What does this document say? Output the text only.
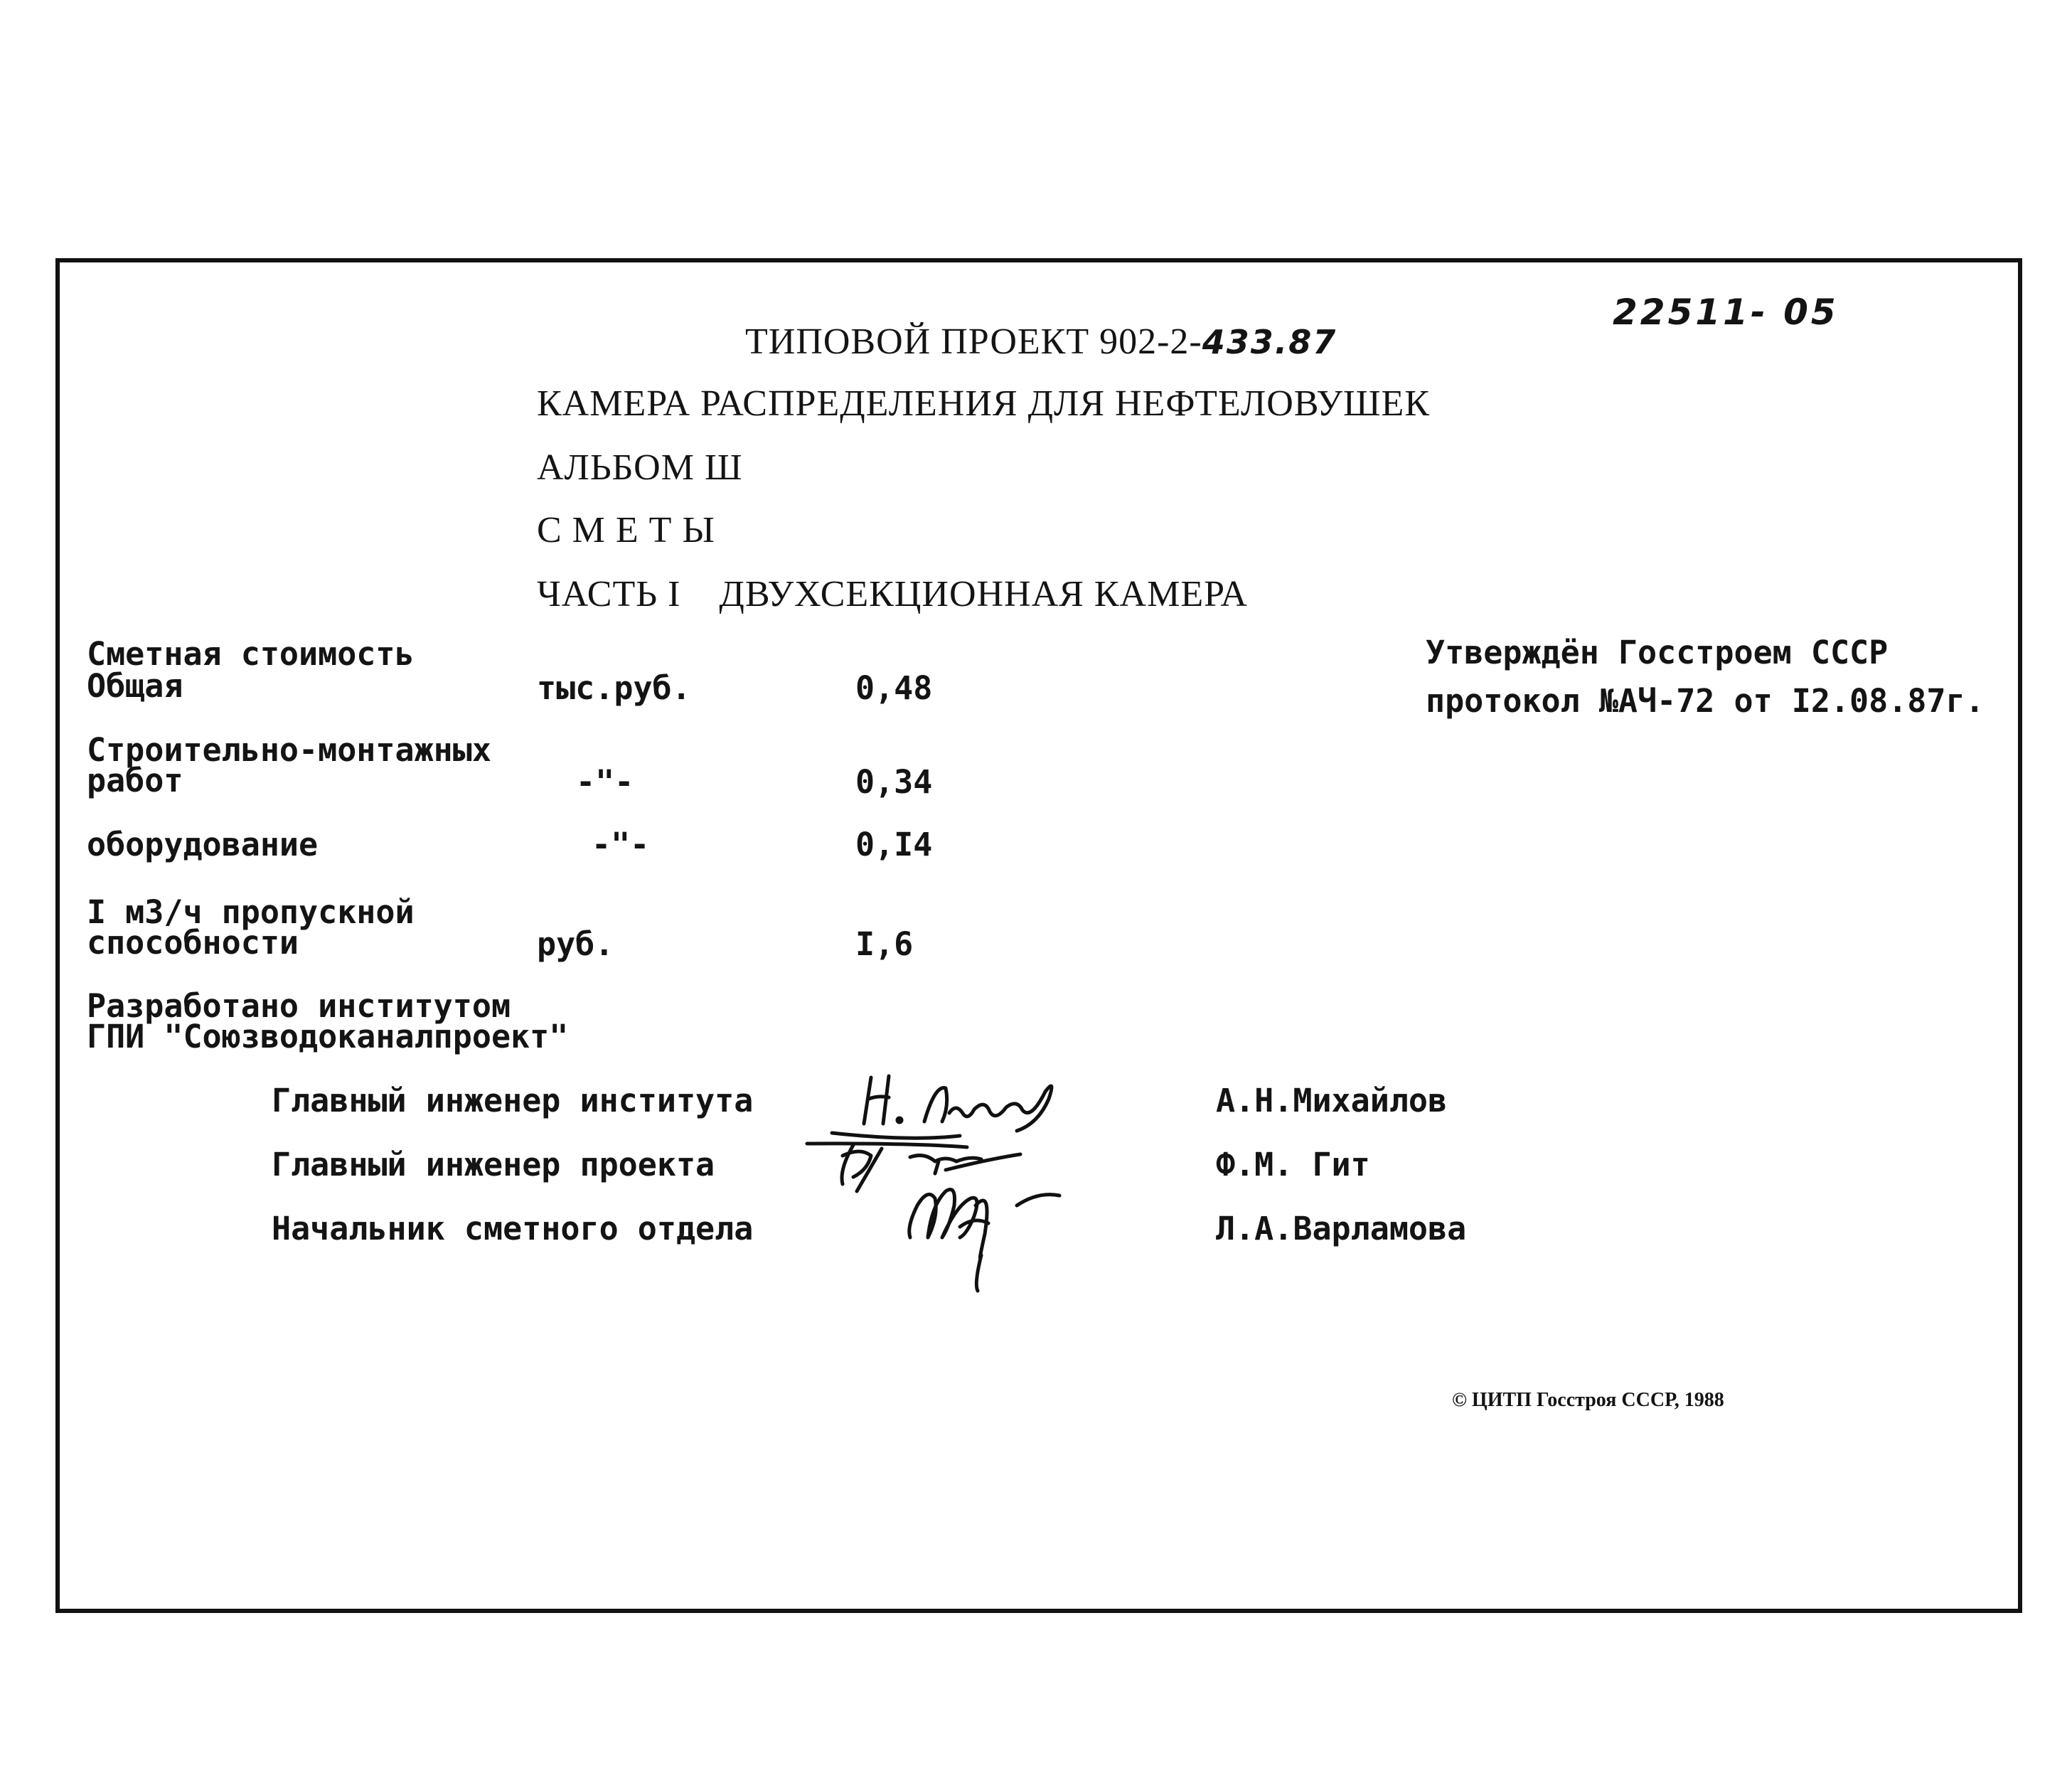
22511- 05
ТИПОВОЙ ПРОЕКТ 902-2-433.87
КАМЕРА РАСПРЕДЕЛЕНИЯ ДЛЯ НЕФТЕЛОВУШЕК
АЛЬБОМ Ш
С М Е Т Ы
ЧАСТЬ I ДВУХСЕКЦИОННАЯ КАМЕРА
Утверждён Госстроем СССР
протокол №АЧ-72 от I2.08.87г.
Сметная стоимость
Общая	тыс.руб.	0,48
Строительно-монтажных
работ	-"-	0,34
оборудование	-"-	0,I4
I м3/ч пропускной
способности	руб.	I,6
Разработано институтом
ГПИ "Союзводоканалпроект"
Главный инженер института	А.Н.Михайлов
Главный инженер проекта	Ф.М. Гит
Начальник сметного отдела	Л.А.Варламова
© ЦИТП Госстроя СССР, 1988
